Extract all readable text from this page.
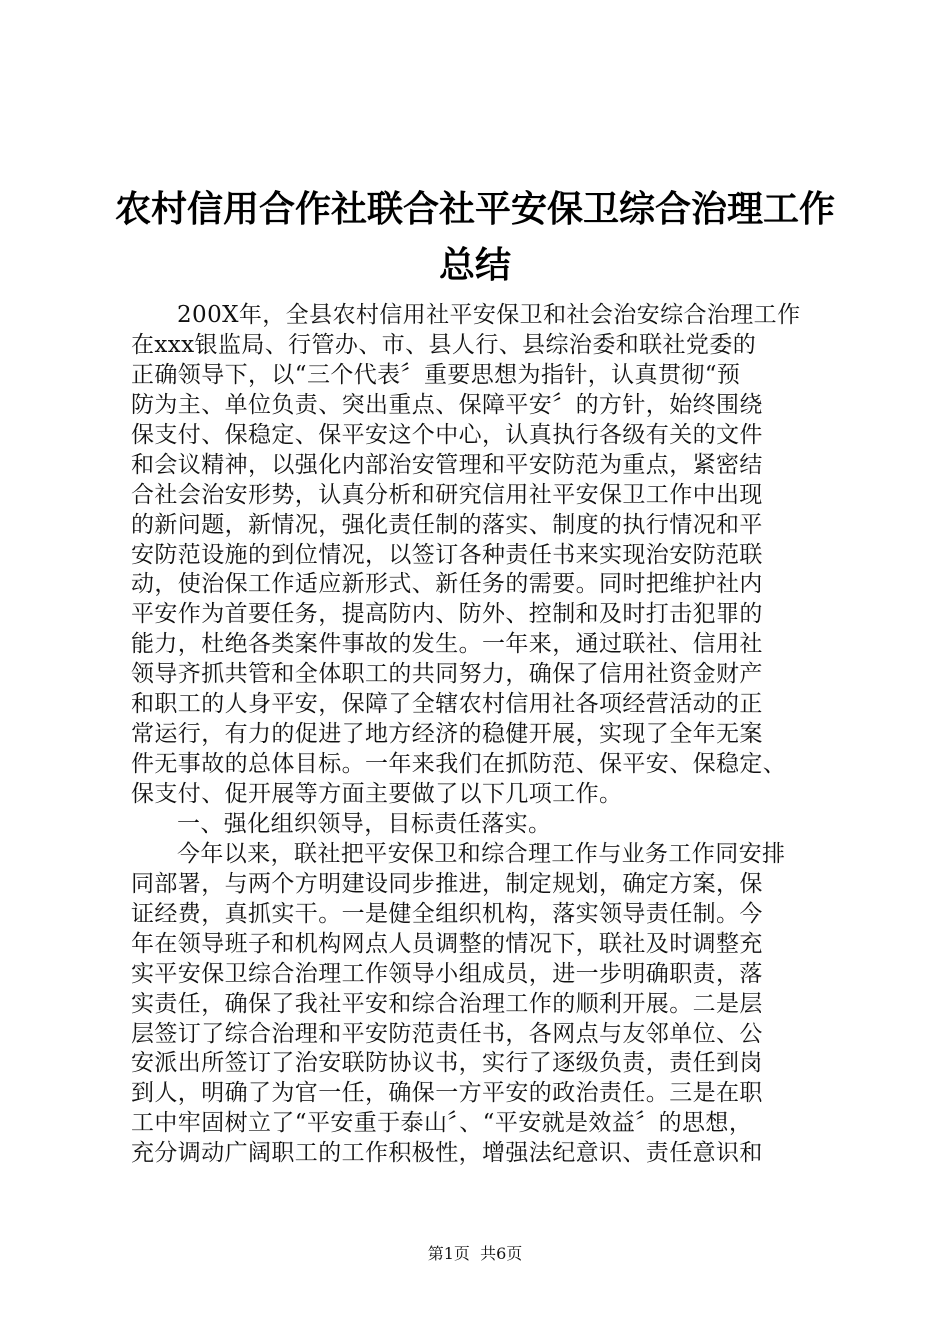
农村信用合作社联合社平安保卫综合治理工作
总结
200X年，全县农村信用社平安保卫和社会治安综合治理工作
在xxx银监局、行管办、市、县人行、县综治委和联社党委的
正确领导下，以“三个代表〞重要思想为指针，认真贯彻“预
防为主、单位负责、突出重点、保障平安〞的方针，始终围绕
保支付、保稳定、保平安这个中心，认真执行各级有关的文件
和会议精神，以强化内部治安管理和平安防范为重点，紧密结
合社会治安形势，认真分析和研究信用社平安保卫工作中出现
的新问题，新情况，强化责任制的落实、制度的执行情况和平
安防范设施的到位情况，以签订各种责任书来实现治安防范联
动，使治保工作适应新形式、新任务的需要。同时把维护社内
平安作为首要任务，提高防内、防外、控制和及时打击犯罪的
能力，杜绝各类案件事故的发生。一年来，通过联社、信用社
领导齐抓共管和全体职工的共同努力，确保了信用社资金财产
和职工的人身平安，保障了全辖农村信用社各项经营活动的正
常运行，有力的促进了地方经济的稳健开展，实现了全年无案
件无事故的总体目标。一年来我们在抓防范、保平安、保稳定、
保支付、促开展等方面主要做了以下几项工作。
一、强化组织领导，目标责任落实。
今年以来，联社把平安保卫和综合理工作与业务工作同安排
同部署，与两个方明建设同步推进，制定规划，确定方案，保
证经费，真抓实干。一是健全组织机构，落实领导责任制。今
年在领导班子和机构网点人员调整的情况下，联社及时调整充
实平安保卫综合治理工作领导小组成员，进一步明确职责，落
实责任，确保了我社平安和综合治理工作的顺利开展。二是层
层签订了综合治理和平安防范责任书，各网点与友邻单位、公
安派出所签订了治安联防协议书，实行了逐级负责，责任到岗
到人，明确了为官一任，确保一方平安的政治责任。三是在职
工中牢固树立了“平安重于泰山〞、“平安就是效益〞的思想，
充分调动广阔职工的工作积极性，增强法纪意识、责任意识和
第1页 共6页
